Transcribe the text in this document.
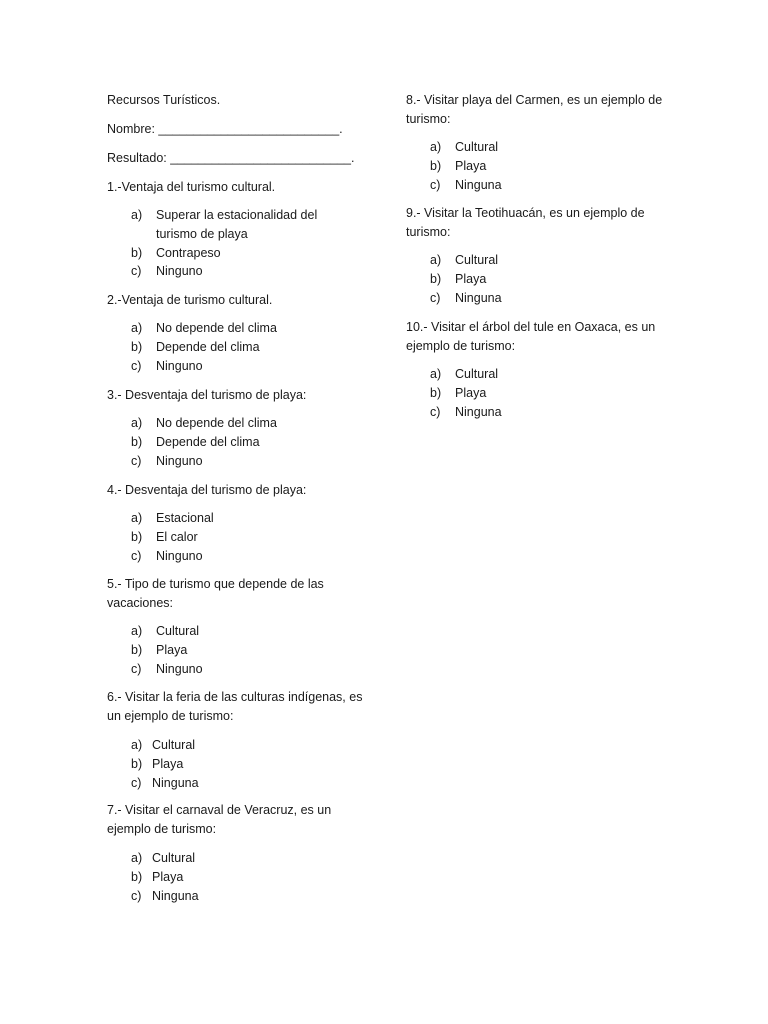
Recursos Turísticos.
Nombre: __________________________.
Resultado: __________________________.
1.-Ventaja del turismo cultural.
a)	Superar la estacionalidad del turismo de playa
b)	Contrapeso
c)	Ninguno
2.-Ventaja de turismo cultural.
a)	No depende del clima
b)	Depende del clima
c)	Ninguno
3.- Desventaja del turismo de playa:
a)	No depende del clima
b)	Depende del clima
c)	Ninguno
4.- Desventaja del turismo de playa:
a)	Estacional
b)	El calor
c)	Ninguno
5.- Tipo de turismo que depende de las vacaciones:
a)	Cultural
b)	Playa
c)	Ninguno
6.- Visitar la feria de las culturas indígenas, es un ejemplo de turismo:
a) Cultural
b) Playa
c) Ninguna
7.- Visitar el carnaval de Veracruz, es un ejemplo de turismo:
a) Cultural
b) Playa
c) Ninguna
8.- Visitar playa del Carmen, es un ejemplo de turismo:
a)	Cultural
b)	Playa
c)	Ninguna
9.- Visitar la Teotihuacán, es un ejemplo de turismo:
a)	Cultural
b)	Playa
c)	Ninguna
10.- Visitar el árbol del tule en Oaxaca, es un ejemplo de turismo:
a)	Cultural
b)	Playa
c)	Ninguna
